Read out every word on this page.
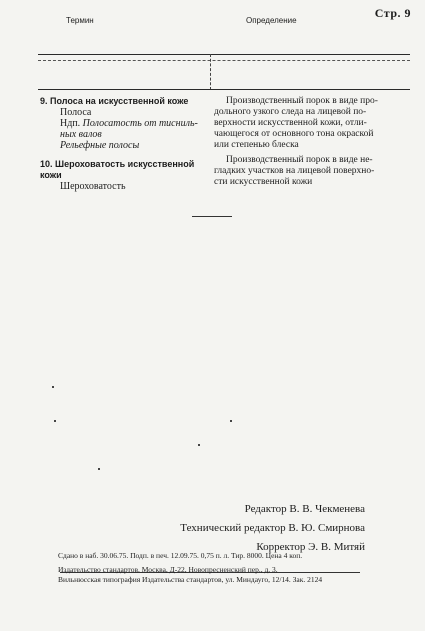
Стр. 9
Термин	Определение
9. Полоса на искусственной коже
Полоса
Ндп. Полосатость от тисниль-
ных валов
Рельефные полосы
10. Шероховатость искусственной
кожи
Шероховатость
Производственный порок в виде про-
дольного узкого следа на лицевой по-
верхности искусственной кожи, отли-
чающегося от основного тона окраской
или степенью блеска
Производственный порок в виде не-
гладких участков на лицевой поверхно-
сти искусственной кожи
Редактор В. В. Чекменева
Технический редактор В. Ю. Смирнова
Корректор Э. В. Митяй
Сдано в наб. 30.06.75. Подп. в печ. 12.09.75. 0,75 п. л. Тир. 8000. Цена 4 коп.
Издательство стандартов. Москва, Д-22, Новопресненский пер., д. 3.
Вильнюсская типография Издательства стандартов, ул. Миндауго, 12/14. Зак. 2124
